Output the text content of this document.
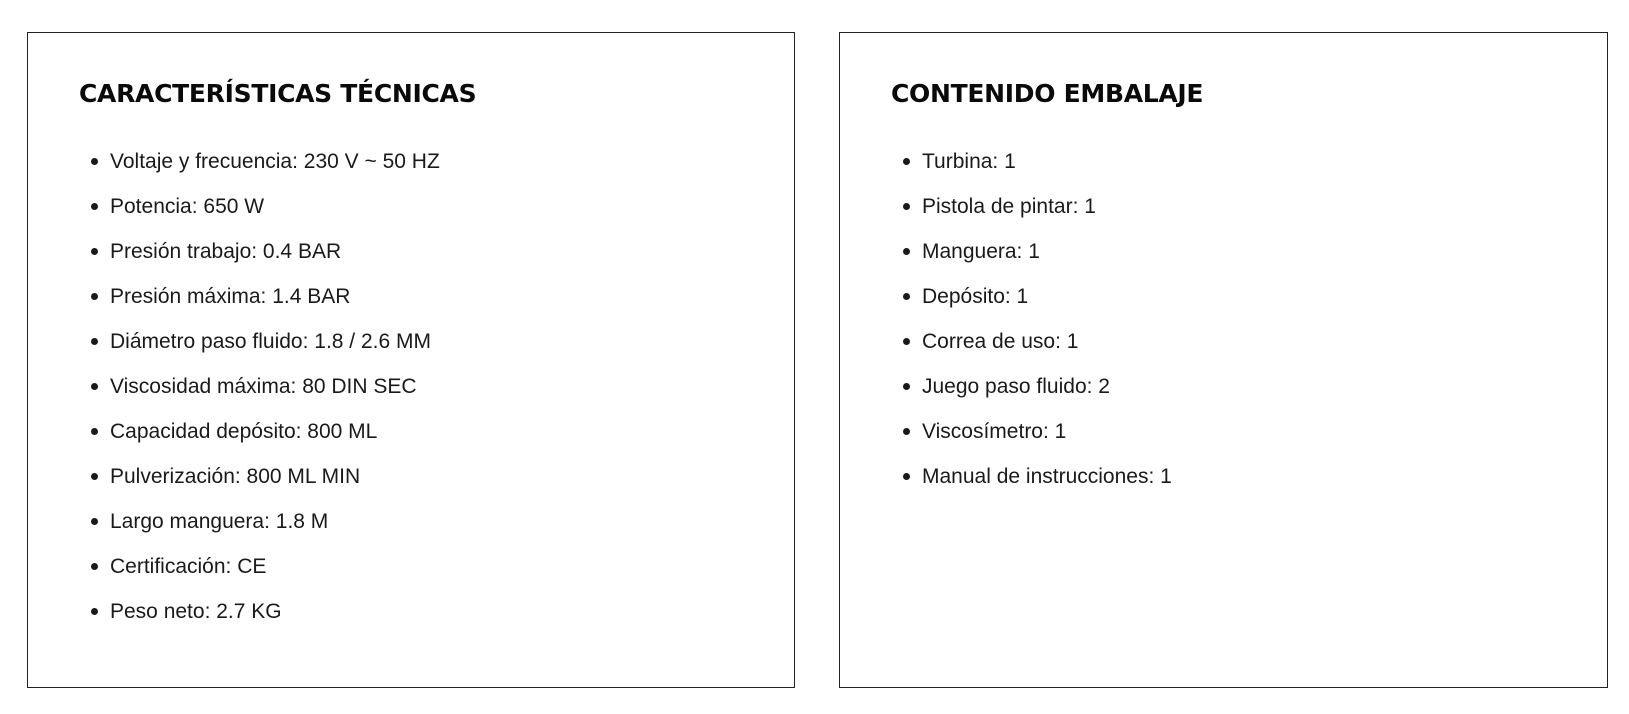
CARACTERÍSTICAS TÉCNICAS
Voltaje y frecuencia: 230 V ~ 50 HZ
Potencia: 650 W
Presión trabajo: 0.4 BAR
Presión máxima: 1.4 BAR
Diámetro paso fluido: 1.8 / 2.6 MM
Viscosidad máxima: 80 DIN SEC
Capacidad depósito: 800 ML
Pulverización: 800 ML MIN
Largo manguera: 1.8 M
Certificación: CE
Peso neto: 2.7 KG
CONTENIDO EMBALAJE
Turbina: 1
Pistola de pintar: 1
Manguera: 1
Depósito: 1
Correa de uso: 1
Juego paso fluido: 2
Viscosímetro: 1
Manual de instrucciones: 1
